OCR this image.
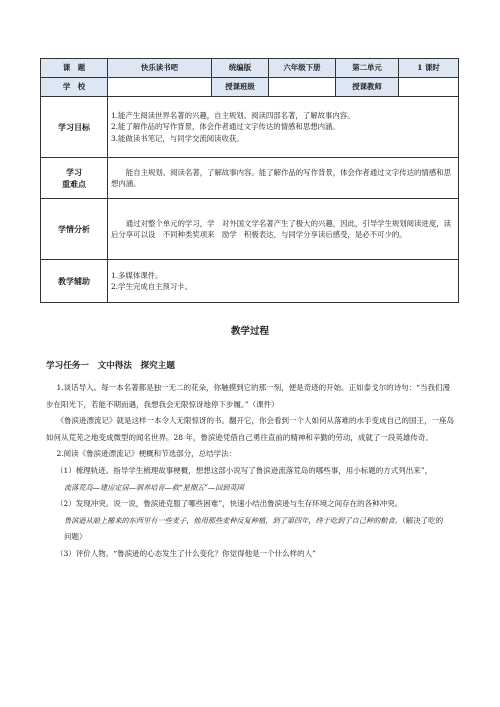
课　题	快乐读书吧	统编版	六年级下册	第二单元	1 课时
学　校		授课班级		授课教师	
学习目标	1.能产生阅读世界名著的兴趣，自主规划、阅读四部名著，了解故事内容。

2.能了解作品的写作背景，体会作者通过文字传达的情感和思想内涵。

3.能做读书笔记，与同学交流阅读收获。				

学习
重难点	能自主规划、阅读名著，了解故事内容。能了解作品的写作背景，体会作者通过文字传达的情感和思想内涵。				

学情分析	通过对整个单元的学习，学　对外国文学名著产生了极大的兴趣，因此，引导学生规划阅读进度，读后分享可以设　不同种类奖项来　励学　积极表达，与同学分享读后感受，是必不可少的。				

教学辅助	1.多媒体课件。

2.学生完成自主预习卡。				

教学过程
学习任务一　文中得法　探究主题

1.谈话导入。每一本名著都是独一无二的花朵，你触摸到它的那一刻，便是奇迹的开始。正如泰戈尔的诗句：“当我们漫步在阳光下，若能不期而遇，我想我会无限惊讶地停下步履。”（课件）

《鲁滨逊漂流记》就是这样一本令人无限惊讶的书。翻开它，你会看到一个人如何从落难的水手变成自己的国王，一座岛如何从荒芜之地变成微型的闻名世界。28 年，鲁滨逊凭借自己勇往直前的精神和辛勤的劳动，成就了一段英雄传奇。

2.阅读《鲁滨逊漂流记》梗概和节选部分，总结学法：

（1）梳理轨迹。指导学生梳理故事梗概，想想这部小说写了鲁滨逊流落荒岛的哪些事，用小标题的方式列出来”，

流落荒岛—建房定居—驯养培育—救“星期五”—回到英国

（2）发现冲突。说一说，鲁滨逊克服了哪些困难”，快速小结出鲁滨逊与生存环境之间存在的各种冲突。

鲁滨逊从船上搬来的东西里有一些麦子，他用那些麦种反复种植，到了第四年，终于吃到了自己种的粮食。（解决了吃的问题）

（3）评价人物。“鲁滨逊的心态发生了什么变化？你觉得他是一个什么样的人”
